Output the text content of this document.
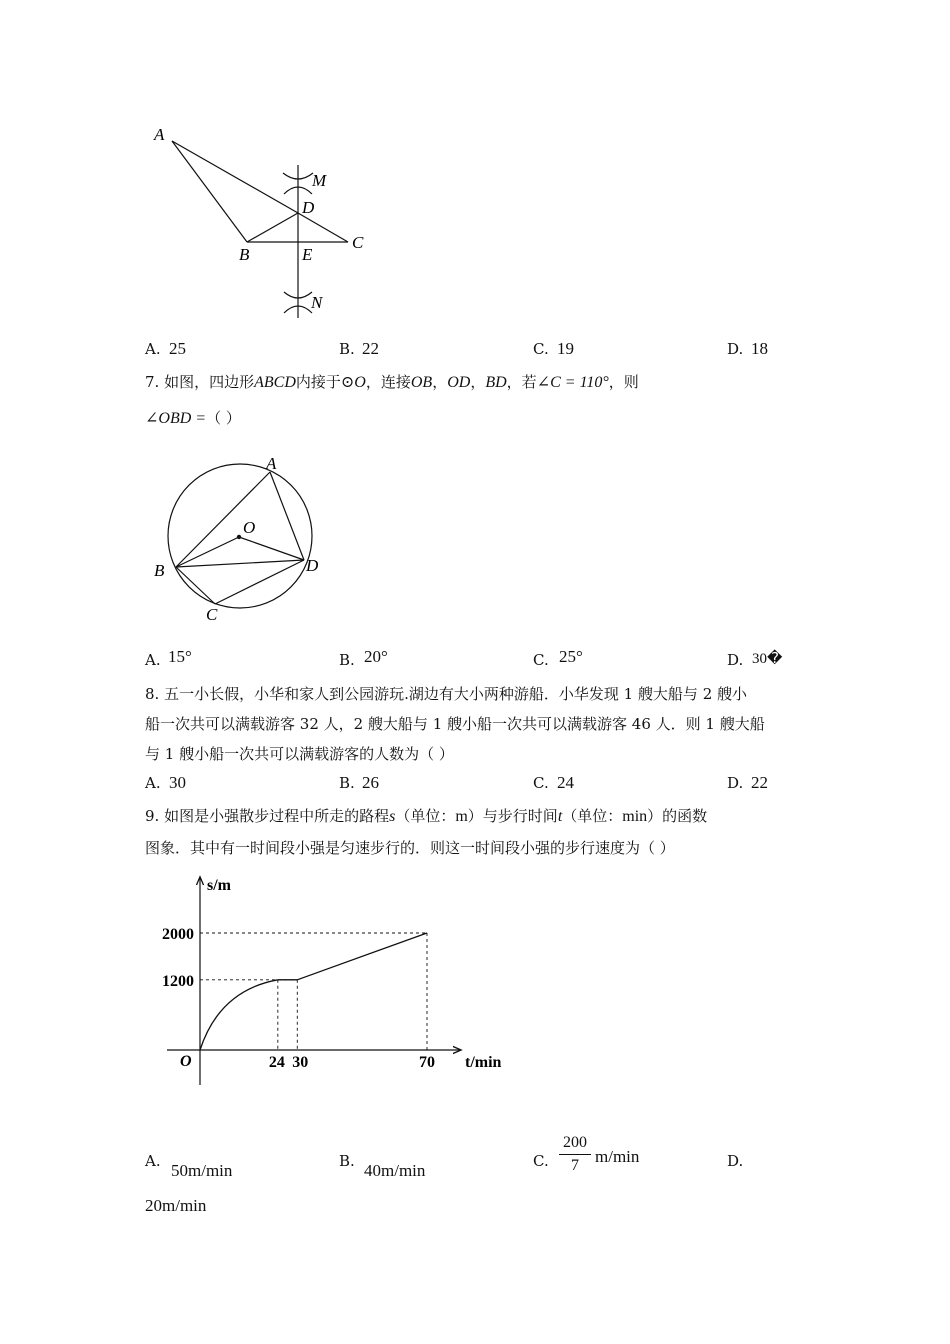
A
M
D
C
B	E
N
A. 25	B. 22	C. 19	D. 18
7. 如图，四边形ABCD内接于⊙O，连接OB，OD，BD，若∠C = 110°，则
∠OBD =（ ）
A
O
B	D
C
A. 15°	B. 20°	C. 25°	D. 30�
8. 五一小长假，小华和家人到公园游玩.湖边有大小两种游船．小华发现 1 艘大船与 2 艘小
船一次共可以满载游客 32 人，2 艘大船与 1 艘小船一次共可以满载游客 46 人．则 1 艘大船
与 1 艘小船一次共可以满载游客的人数为（ ）
A. 30	B. 26	C. 24	D. 22
9. 如图是小强散步过程中所走的路程s（单位：m）与步行时间t（单位：min）的函数
图象．其中有一时间段小强是匀速步行的．则这一时间段小强的步行速度为（ ）
1200
2000
24 30	70
s/m
t/min
O
A. 50m/min	B. 40m/min	C.
200
7 m/min	D.
20m/min
